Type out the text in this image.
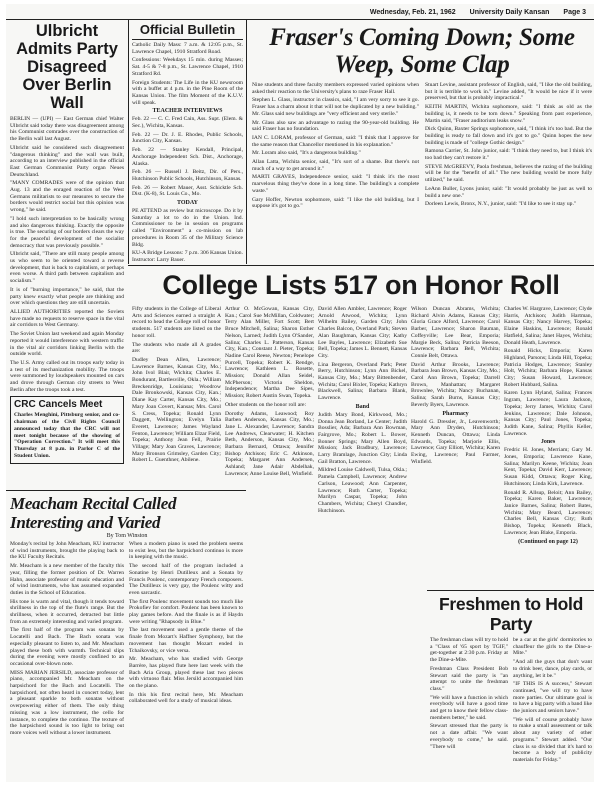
Wednesday, Feb. 21, 1962 University Daily Kansan Page 3
Ulbricht Admits Party Disagreed Over Berlin Wall

BERLIN — (UPI) — East German chief Walter Ulbricht said today there was disagreement among his Communist comrades over the construction of the Berlin wall last August.

Ulbricht said he considered such disagreement "dangerous thinking" and the wall was built, according to an interview published in the official East German Communist Party organ Neues Deutschland.

"MANY COMRADES were of the opinion that Aug. 13 and the enraged reaction of the West Germans militarists to our measures to secure the borders would restrict social but this opinion was wrong," he said.

"I hold such interpretation to be basically wrong and also dangerous thinking. Exactly the opposite is true. The securing of our borders clears the way for the peaceful development of the socialist democracy that was previously possible."

Ulbricht said, "There are still many people among us who seem to be oriented toward a reverse development, that is back to capitalism, or perhaps even worse. A third path between capitalism and socialism."

It is of "burning importance," he said, that the party knew exactly what people are thinking and over which questions they are still uncertain.

ALLIED AUTHORITIES reported the Soviets have made no requests to reserve space in the vital air corridors to West Germany.

The Soviet Union last weekend and again Monday reported it would interference with western traffic in the vital air corridors linking Berlin with the outside world.

The U.S. Army called out its troops early today in a test of its mechanization mobility. The troops were summoned by loudspeakers mounted on cars and drove through German city streets to West Berlin after the troops took a test.

CRC Cancels Meet

Charles Menghini, Pittsburg senior, and co-chairman of the Civil Rights Council announced today that the CRC will not meet tonight because of the showing of "Operation Correction." It will meet this Thursday at 8 p.m. in Parlor C of the Student Union.

Official Bulletin

Catholic Daily Mass: 7 a.m. & 12:05 p.m., St. Lawrence Chapel, 1910 Stratford Road.

Confessions: Weekdays 15 min. during Masses; Sat. 4-5 & 7-8 p.m., St. Lawrence Chapel, 1910 Stratford Rd.

Foreign Students: The Life in the KU newsroom with a buffet at 4 p.m. in the Pine Room of the Kansas Union. The film Moment of the K.U.V. will speak.

TEACHER INTERVIEWS

Feb. 22 — C. C. Fred Cain, Ass. Supt. (Elem. & Sec.), Wichita, Kansas.

Feb. 22 — Dr. J. E. Rhodes, Public Schools, Junction City, Kansas.

Feb. 22 — Stanley Kendall, Principal, Anchorage Independent Sch. Dist., Anchorage, Alaska.

Feb. 26 — Russell J. Beitz, Dir. of Pers., Hutchinson Public Schools, Hutchinson, Kansas.

Feb. 26 — Robert Mauer, Asst. Schicktle Sch. Dist. (K-8), St. Louis Co., Mo.

TODAY

PE ATTEND as review but microscope. Do it by Saturday a lot to do in the Union. Ind. Commissioner to be in session on programs called "Environment" a co-mission on lab procedures in Room 35 of the Military Science Bldg.

KU-A Bridge Lessons: 7 p.m. 306 Kansas Union. Instructor: Larry Bauer.

Fraser's Coming Down; Some Weep, Some Clap

Nine students and three faculty members expressed varied opinions when asked their reaction to the University's plans to raze Fraser Hall.

Stephen L. Glass, instructor in classics, said, "I am very sorry to see it go. Fraser has a charm about it that will not be duplicated by a new building." Mr. Glass said new buildings are "very efficient and very sterile."

Mr. Glass also saw an advantage to razing the 90-year-old building. He said Fraser has no foundation.

IAN C. LORAM, professor of German, said: "I think that I approve for the same reason that Chancellor mentioned in his explanation."

Mr. Loram also said, "It's a dangerous building."

Allan Latta, Wichita senior, said, "It's sort of a shame. But there's not much of a way to get around it."

MARTI GRAVES, Independence senior, said: "I think it's the most marvelous thing they've done in a long time. The building's a complete waste."

Gary Hoffer, Newton sophomore, said: "I like the old building, but I suppose it's got to go."

Stuart Levine, assistant professor of English, said, "I like the old building, but it is terrible to work in." Levine added, "It would be nice if it were preserved, but that is probably impractical."

KEITH MARTIN, Wichita sophomore, said: "I think as old as the building is, it needs to be torn down." Speaking from past experience, Martin said, "Fraser auditorium leaks snow."

Dick Quinn, Baxter Springs sophomore, said, "I think it's too bad. But the building is ready to fall down and it's got to go." Quinn hopes the new building is made of "college Gothic design."

Ramona Carrier, St. John junior, said: "I think they need to, but I think it's too bad they can't restore it."

STEVE McGREEVY, Paola freshman, believes the razing of the building will be for the "benefit of all." The new building would be more fully utilized," he said.

LeAnn Buller, Lyons junior, said: "It would probably be just as well to build a new one."

Dorleen Lewis, Bronx, N.Y., junior, said: "I'd like to see it stay up."

College Lists 517 on Honor Roll

Fifty students in the College of Liberal Arts and Sciences earned a straight A record to head the College roll of honor students. 517 students are listed on the honor roll.

The students who made all A grades are:

Dudley Dean Allen, Lawrence; Lawrence Barnes, Kansas City, Mo.; John Ivol Blair, Wichita; Charles E. Bondurant, Bartlesville, Okla.; William Breckenridge, Louisiana; Woodrow Dale Bronkowski, Kansas City, Kan.; Diane Kay Carter, Kansas City, Mo.; Mary Joan Covert, Kansas; Mrs. Carol S. Cress, Topeka; Ronald Lynn Daggett, Wellington; Evelyn Talia Everett, Lawrence; James Wayland Fenton, Lawrence; William Elzar Field, Topeka; Anthony Jean Fell, Prairie Village; Mary Joan Graves, Lawrence; Mary Bronson Grimsley, Garden City; Robert L. Guenthner, Abilene.

Arthur O. McGowan, Kansas City, Kan.; Carol Sue McMillan, Coldwater; Terry Alan Miller, Fort Scott; Bert Bruce Mitchell, Salina; Sharon Esther Nelson, Larned; Judith Lynn O'Sander, Salina; Charles L. Patterson, Kansas City, Kan.; Constant J. Pieter, Topeka; Nadine Carol Reese, Newton; Penelope Purcell, Topeka; Robert K. Rendge, Lawrence; Kathleen L. Rosette, Mission; Donald Allan Seidel, McPherson; Victoria Sheldon, Independence; Martha Dee Sipes, Mission; Robert Austin Swan, Topeka.

Other students on the honor roll are:

Dorothy Adams, Leawood; Roy Barben Anderson, Kansas City, Mo.; Jane L. Alexander, Lawrence; Sandra Lee Andrews, Clearwater; H. Kitchen Beth, Anderson, Kansas City, Mo.; Barbara Bernard, Ottawa; Jennifer Bishop Atchison; Eric C. Atkinson, Topeka; Margaret Ann Andersen, Ashland; Jane Adair Abdelhak, Lawrence; Anne Louise Bell, Winfield.

David Allen Ambler, Lawrence; Roger Arnold Atwood, Wichita; Lynn Wilhelm Bailey, Garden City; John Charles Balcon, Overland Park; Steven Alan Baughman, Kansas City; Kathy Lee Bayles, Lawrence; Elizabeth Sue Bell, Topeka; James L. Bennett, Kansas City.

Lina Bergeron, Overland Park; Peter Berry, Hutchinson; Lynn Ann Bickel, Kansas City, Mo.; Mary Bittenbender, Wichita; Carol Bixler, Topeka; Kathryn Blackwell, Salina; Barbara Blank, Lawrence.

Band

Judith Mary Bond, Kirkwood, Mo.; Donna Jean Borland, Le Center; Judith Bosslier, Ada; Barbara Ann Bowman, Fairgrove, Mo.; Robert L. Bower, Bonner Springs; Mary Allen Boyd, Mission; Jack Bradbury, Lawrence; Larry Bramlage, Junction City; Linda Gail Bratton, Lawrence.

Mildred Louise Caldwell, Tulsa, Okla.; Pamela Campbell, Lawrence; Andrew Carlson, Leawood; Ann Carpenter, Lawrence; Ruth Carter, Topeka; Marilyn Caspar, Topeka; John Chambers, Wichita; Cheryl Chandler, Hutchinson.

Wilson Duncan Abrams, Wichita; Richard Alvin Adams, Kansas City; Gloria Grace Alford, Lawrence; Carol Barber, Lawrence; Sharon Bauman, Coffeyville; Lee Bear, Emporia; Margie Beck, Salina; Patricia Beeson, Lawrence; Barbara Bell, Wichita; Connie Belt, Ottawa.

David Arthur Brooks, Lawrence; Barbara Jean Brown, Kansas City, Mo.; Carol Ann Brown, Topeka; Darrell Brown, Manhattan; Margaret Brownlee, Wichita; Nancy Buchanan, Salina; Sarah Burns, Kansas City; Beverly Byers, Lawrence.

Pharmacy

Harold G. Dressler, Jr., Leavenworth; Mary Ann Dryden, Hutchinson; Kenneth Duncan, Ottawa; Linda Edwards, Topeka; Marjorie Ellis, Lawrence; Gary Elliott, Wichita; Karen Ewing, Lawrence; Paul Farmer, Winfield.

Charles W. Hargrave, Lawrence; Clyde Harris, Atchison; Judith Hartman, Kansas City; Nancy Harvey, Topeka; Elaine Haskins, Lawrence; Ronald Hatfield, Salina; Janet Hayes, Wichita; Donald Heath, Lawrence.

Ronald Hicks, Emporia; Karen Highland, Parsons; Linda Hill, Topeka; Patricia Hodges, Lawrence; Stanley Holt, Wichita; Barbara Hope, Kansas City; Susan Howard, Lawrence; Robert Hubbard, Salina.

Karen Lynn Hyland, Salina; Frances Ingram, Lawrence; Laura Jackson, Topeka; Jerry James, Wichita; Carol Jenkins, Lawrence; Dale Johnson, Kansas City; Paul Jones, Topeka; Judith Kane, Salina; Phyllis Keller, Lawrence.

Jones

Fredric H. Jones, Merriam; Gary M. Jones, Emporia; Lawrence Kane, Salina; Marilyn Keene, Wichita; Joan Kent, Topeka; David Kerr, Lawrence; Susan Kidd, Ottawa; Roger King, Hutchinson; Linda Kirk, Lawrence.

Ronald R. Allsup, Beloit; Ann Bailey, Topeka; Karen Baker, Lawrence; Janice Barnes, Salina; Robert Bates, Wichita; Mary Beard, Lawrence; Charles Bell, Kansas City; Ruth Bishop, Topeka; Kenneth Black, Lawrence; Jean Blake, Emporia.

(Continued on page 12)
Meacham Recital Called Interesting and Varied
By Tom Winston

Monday's recital by John Meacham, KU instructor of wind instruments, brought the playing back to the KU Faculty Recitals.

Mr. Meacham is a new member of the faculty this year, filling the former position of Dr. Warren Hahn, associate professor of music education and of wind instruments, who has assumed expanded duties in the School of Education.

His tone is warm and vital, though it tends toward shrillness in the top of the flute's range. But the shrillness, when it occurred, detracted but little from an extremely interesting and varied program.

The first half of the program was sonatas by Locatelli and Bach. The Bach sonata was especially pleasant to listen to, and Mr. Meacham played these both with warmth. Technical slips during the evening were mostly confined to an occasional over-blown note.

MISS MARIAN JERSILD, associate professor of piano, accompanied Mr. Meacham on the harpsichord for the Bach and Locatelli. The harpsichord, not often heard in concert today, lent a pleasant sparkle to both sonatas without overpowering either of them. The only thing missing was a low instrument, the cello for instance, to complete the continuo. The texture of the harpsichord sound is too light to bring out more voices well without a lower instrument.

When a modern piano is used the problem seems to exist less, but the harpsichord continuo is more in keeping with the music.

The second half of the program included a Sonatine by Henri Dutilleux and a Sonata by Francis Poulenc, contemporary French composers. The Dutilleux is very gay, the Poulenc witty and even sarcastic.

The first Poulenc movement sounds too much like Prokofiev for comfort. Poulenc has been known to play games before. And the finale is as if Haydn were writing "Rhapsody in Blue."

The last movement used a gentle theme of the finale from Mozart's Haffner Symphony, but the movement has thought Mozart ended in Tchaikovsky, or vice versa.

Mr. Meacham, who has studied with George Barrère, has played flute here last week with the Bach Aria Group, played these last two pieces with virtuoso flair. Miss Jersild accompanied him on the piano.

In this his first recital here, Mr. Meacham collaborated well for a study of musical ideas.

Freshmen to Hold Party

The freshman class will try to hold a "Class of '65 sport by TGIF," get-together at 2:30 p.m. Friday at the Dine-a-Mite.

Freshman Class President Bob Stewart said the party is "an attempt to unite the freshman class."

"We will have a function in which everybody will have a good time and get to know their fellow class-members better," he said.

Stewart stressed that the party is not a date affair. "We want everybody to come," he said. "There will

be a car at the girls' dormitories to chauffeur the girls to the Dine-a-Mite."

"And all the guys that don't want to drink beer, dance, play cards, or anything, let it be."

"IF THIS IS A success," Stewart continued, "we will try to have more parties. Our ultimate goal is to have a big party with a band like the juniors and seniors have."

"We will of course probably have to make a small assessment or talk about any variety of other programs." Stewart added. "Our class is so divided that it's hard to become a body of publicity materials for Friday."
